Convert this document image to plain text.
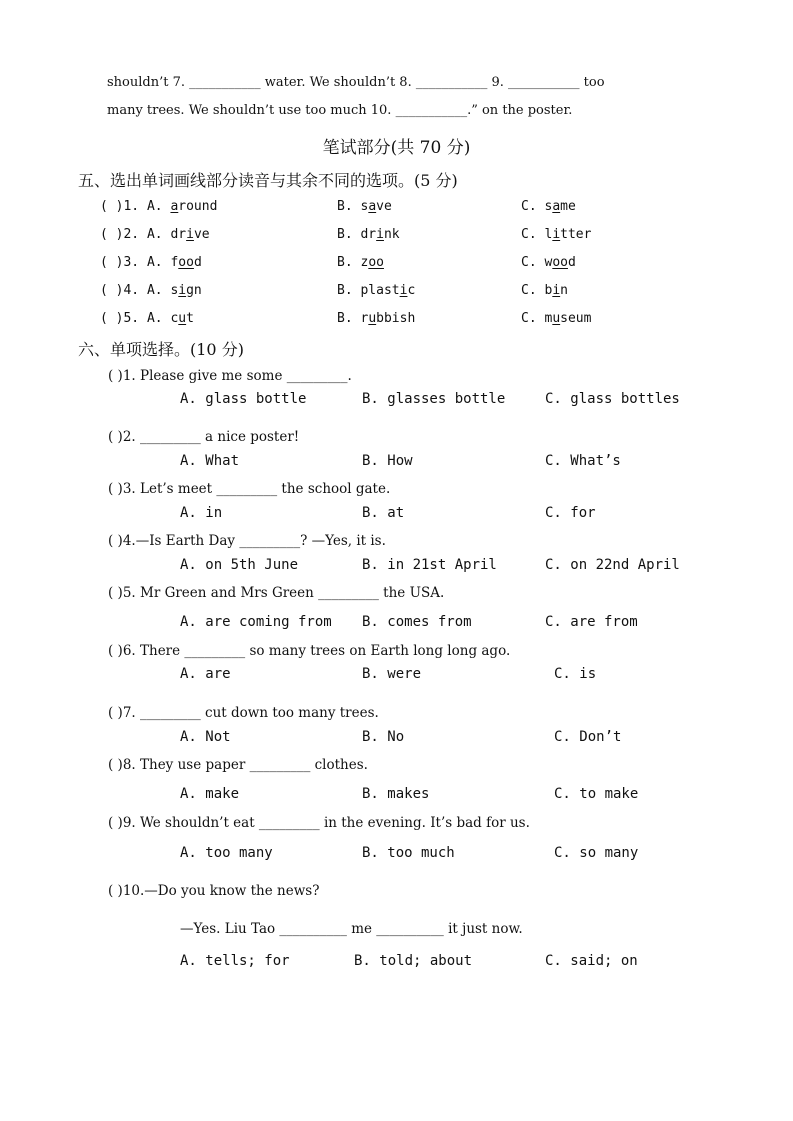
shouldn’t 7. ___________ water. We shouldn’t 8. ___________ 9. ___________ too
many trees. We shouldn’t use too much 10. ___________.” on the poster.
笔试部分(共 70 分)
五、选出单词画线部分读音与其余不同的选项。(5 分)
( )1. A. around	B. save	C. same
( )2. A. drive	B. drink	C. litter
( )3. A. food	B. zoo	C. wood
( )4. A. sign	B. plastic	C. bin
( )5. A. cut	B. rubbish	C. museum
六、单项选择。(10 分)
( )1. Please give me some _________.
A. glass bottle	B. glasses bottle	C. glass bottles
( )2. _________ a nice poster!
A. What	B. How	C. What’s
( )3. Let’s meet _________ the school gate.
A. in	B. at	C. for
( )4.—Is Earth Day _________? —Yes, it is.
A. on 5th June	B. in 21st April	C. on 22nd April
( )5. Mr Green and Mrs Green _________ the USA.
A. are coming from B. comes from	C. are from
( )6. There _________ so many trees on Earth long long ago.
A. are	B. were	C. is
( )7. _________ cut down too many trees.
A. Not	B. No	C. Don’t
( )8. They use paper _________ clothes.
A. make	B. makes	C. to make
( )9. We shouldn’t eat _________ in the evening. It’s bad for us.
A. too many	B. too much	C. so many
( )10.—Do you know the news?
—Yes. Liu Tao __________ me __________ it just now.
A. tells; for	B. told; about	C. said; on
